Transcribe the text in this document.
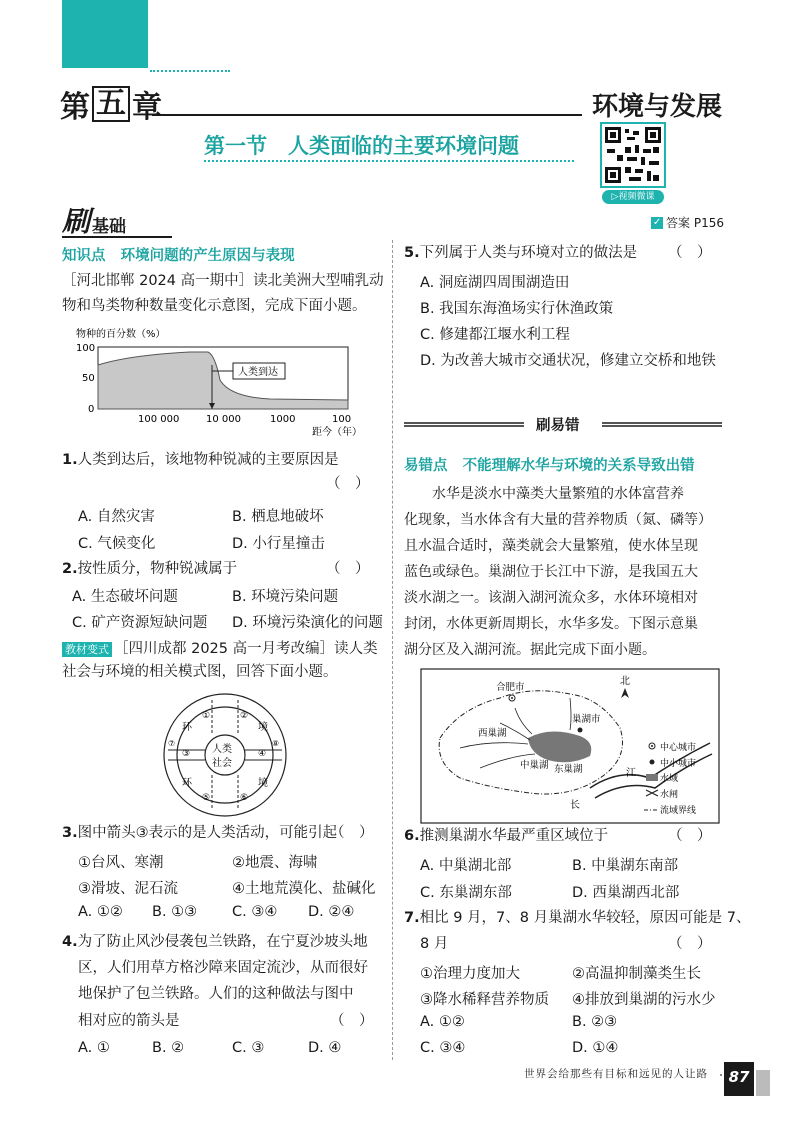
第 五 章	环境与发展
第一节　人类面临的主要环境问题
▷视频微课
刷 基础	✓ 答案 P156
知识点 环境问题的产生原因与表现
［河北邯郸 2024 高一期中］读北美洲大型哺乳动
物和鸟类物种数量变化示意图，完成下面小题。
物种的百分数（%）
人类到达
100
50
0
100 000	10 000	1000	100
距今（年）
1.人类到达后，该地物种锐减的主要原因是
（　）
A. 自然灾害	B. 栖息地破坏
C. 气候变化	D. 小行星撞击
2.按性质分，物种锐减属于	（　）
A. 生态破坏问题	B. 环境污染问题
C. 矿产资源短缺问题 D. 环境污染演化的问题
教材变式 ［四川成都 2025 高一月考改编］读人类
社会与环境的相关模式图，回答下面小题。
人类
社会
环	境
环	境
①	②
③	④
⑤	⑥
⑦	⑧
3.图中箭头③表示的是人类活动，可能引起
（　）
①台风、寒潮	②地震、海啸
③滑坡、泥石流	④土地荒漠化、盐碱化
A. ①② B. ①③ C. ③④ D. ②④
4.为了防止风沙侵袭包兰铁路，在宁夏沙坡头地
区，人们用草方格沙障来固定流沙，从而很好
地保护了包兰铁路。人们的这种做法与图中
相对应的箭头是	（　）
A. ①	B. ②	C. ③	D. ④
5.下列属于人类与环境对立的做法是 （　）
A. 洞庭湖四周围湖造田
B. 我国东海渔场实行休渔政策
C. 修建都江堰水利工程
D. 为改善大城市交通状况，修建立交桥和地铁
刷易错
易错点 不能理解水华与环境的关系导致出错
水华是淡水中藻类大量繁殖的水体富营养
化现象，当水体含有大量的营养物质（氮、磷等）
且水温合适时，藻类就会大量繁殖，使水体呈现
蓝色或绿色。巢湖位于长江中下游，是我国五大
淡水湖之一。该湖入湖河流众多，水体环境相对
封闭，水体更新周期长，水华多发。下图示意巢
湖分区及入湖河流。据此完成下面小题。
合肥市
巢湖市
西巢湖
中巢湖 东巢湖	江
长
北
中心城市
中小城市
水域
水闸
流域界线
6.推测巢湖水华最严重区域位于	（　）
A. 中巢湖北部	B. 中巢湖东南部
C. 东巢湖东部	D. 西巢湖西北部
7.相比 9 月，7、8 月巢湖水华较轻，原因可能是 7、
8 月	（　）
①治理力度加大	②高温抑制藻类生长
③降水稀释营养物质 ④排放到巢湖的污水少
A. ①②	B. ②③
C. ③④	D. ①④
世界会给那些有目标和远见的人让路	87
